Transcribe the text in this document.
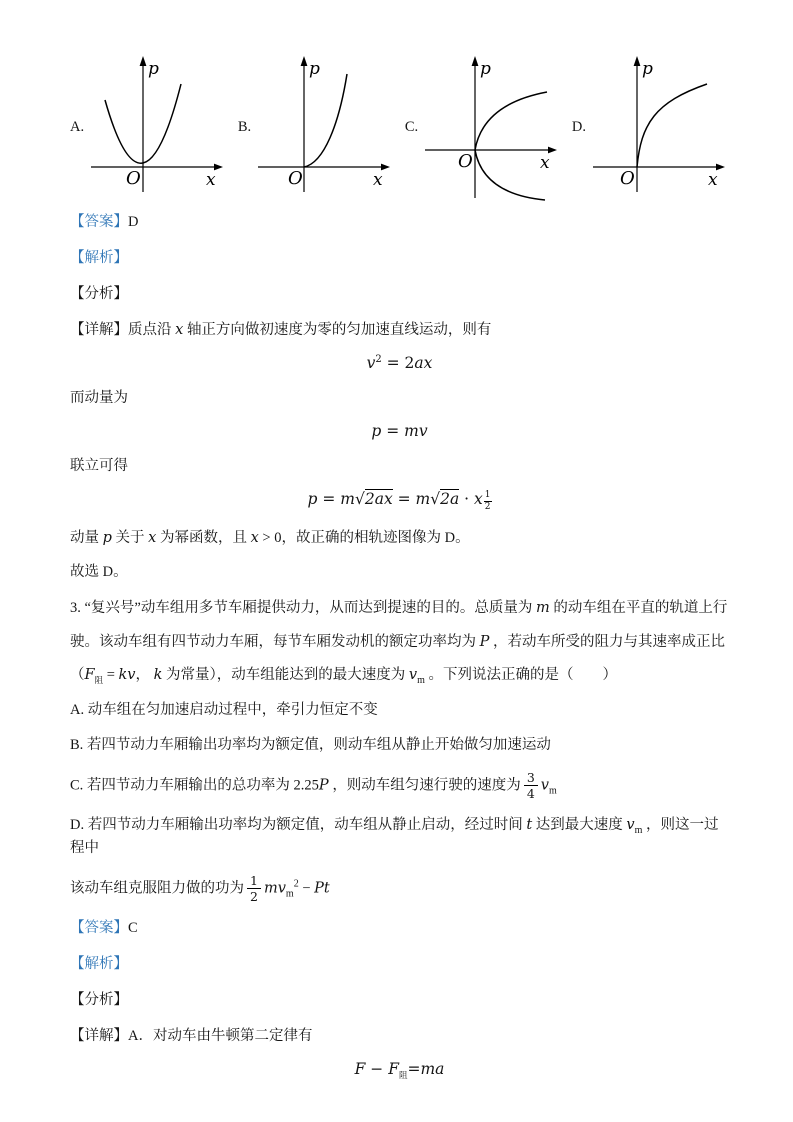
A.
p
x
O
B.
p
x
O
C.
p
x
O
D.
p
x
O
【答案】D
【解析】
【分析】
【详解】质点沿 x 轴正方向做初速度为零的匀加速直线运动，则有
$v^2 = 2ax$
而动量为
p = mv
联立可得
p = m√2ax = m√2a · x $\frac{1}{2}$
动量 p 关于 x 为幂函数，且 x > 0，故正确的相轨迹图像为 D。
故选 D。
3. “复兴号”动车组用多节车厢提供动力，从而达到提速的目的。总质量为 m 的动车组在平直的轨道上行
驶。该动车组有四节动力车厢，每节车厢发动机的额定功率均为 P ，若动车所受的阻力与其速率成正比
（$F_阻$ = kv， k 为常量），动车组能达到的最大速度为 $v_m$ 。下列说法正确的是（　　）
A. 动车组在匀加速启动过程中，牵引力恒定不变
B. 若四节动力车厢输出功率均为额定值，则动车组从静止开始做匀加速运动
C. 若四节动力车厢输出的总功率为 2.25P ，则动车组匀速行驶的速度为 $\frac{3}{4} v_m$
D. 若四节动力车厢输出功率均为额定值，动车组从静止启动，经过时间 t 达到最大速度 $v_m$ ，则这一过程中
该动车组克服阻力做的功为 $\frac{1}{2} mv_m^2 - Pt$
【答案】C
【解析】
【分析】
【详解】A．对动车由牛顿第二定律有
$F - F_阻=ma$
